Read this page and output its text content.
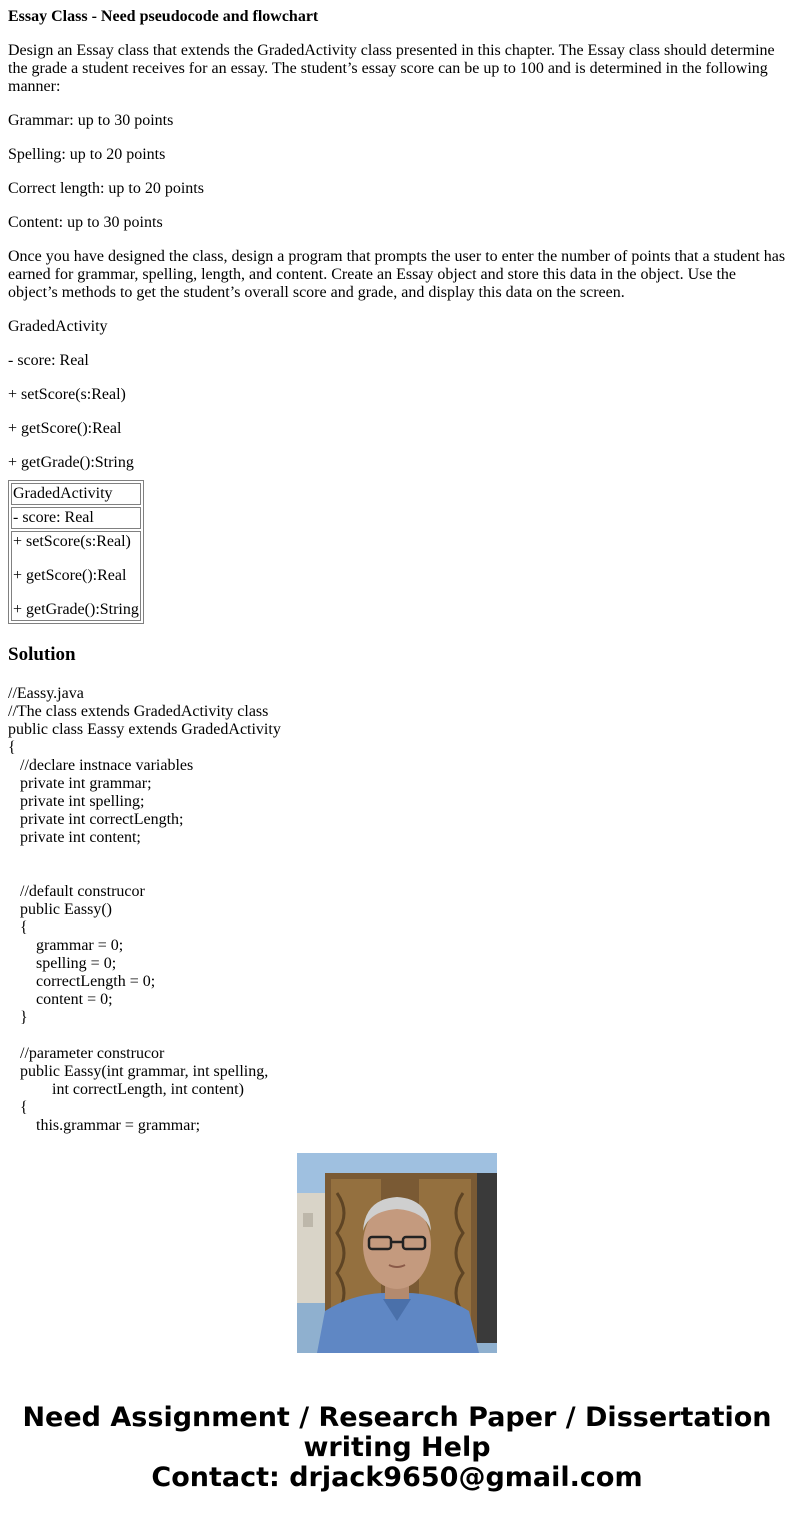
Essay Class - Need pseudocode and flowchart

Design an Essay class that extends the GradedActivity class presented in this chapter. The Essay class should determine the grade a student receives for an essay. The student’s essay score can be up to 100 and is determined in the following manner:

Grammar: up to 30 points

Spelling: up to 20 points

Correct length: up to 20 points

Content: up to 30 points

Once you have designed the class, design a program that prompts the user to enter the number of points that a student has earned for grammar, spelling, length, and content. Create an Essay object and store this data in the object. Use the object’s methods to get the student’s overall score and grade, and display this data on the screen.

GradedActivity

- score: Real

+ setScore(s:Real)

+ getScore():Real

+ getGrade():String

GradedActivity
- score: Real

+ setScore(s:Real)

+ getScore():Real

+ getGrade():String

Solution
//Eassy.java
//The class extends GradedActivity class
public class Eassy extends GradedActivity
{
//declare instnace variables
private int grammar;
private int spelling;
private int correctLength;
private int content;

//default construcor
public Eassy()
{
grammar = 0;
spelling = 0;
correctLength = 0;
content = 0;
}

//parameter construcor
public Eassy(int grammar, int spelling,
int correctLength, int content)
{
this.grammar = grammar;
Need Assignment / Research Paper / Dissertation
writing Help
Contact: drjack9650@gmail.com
